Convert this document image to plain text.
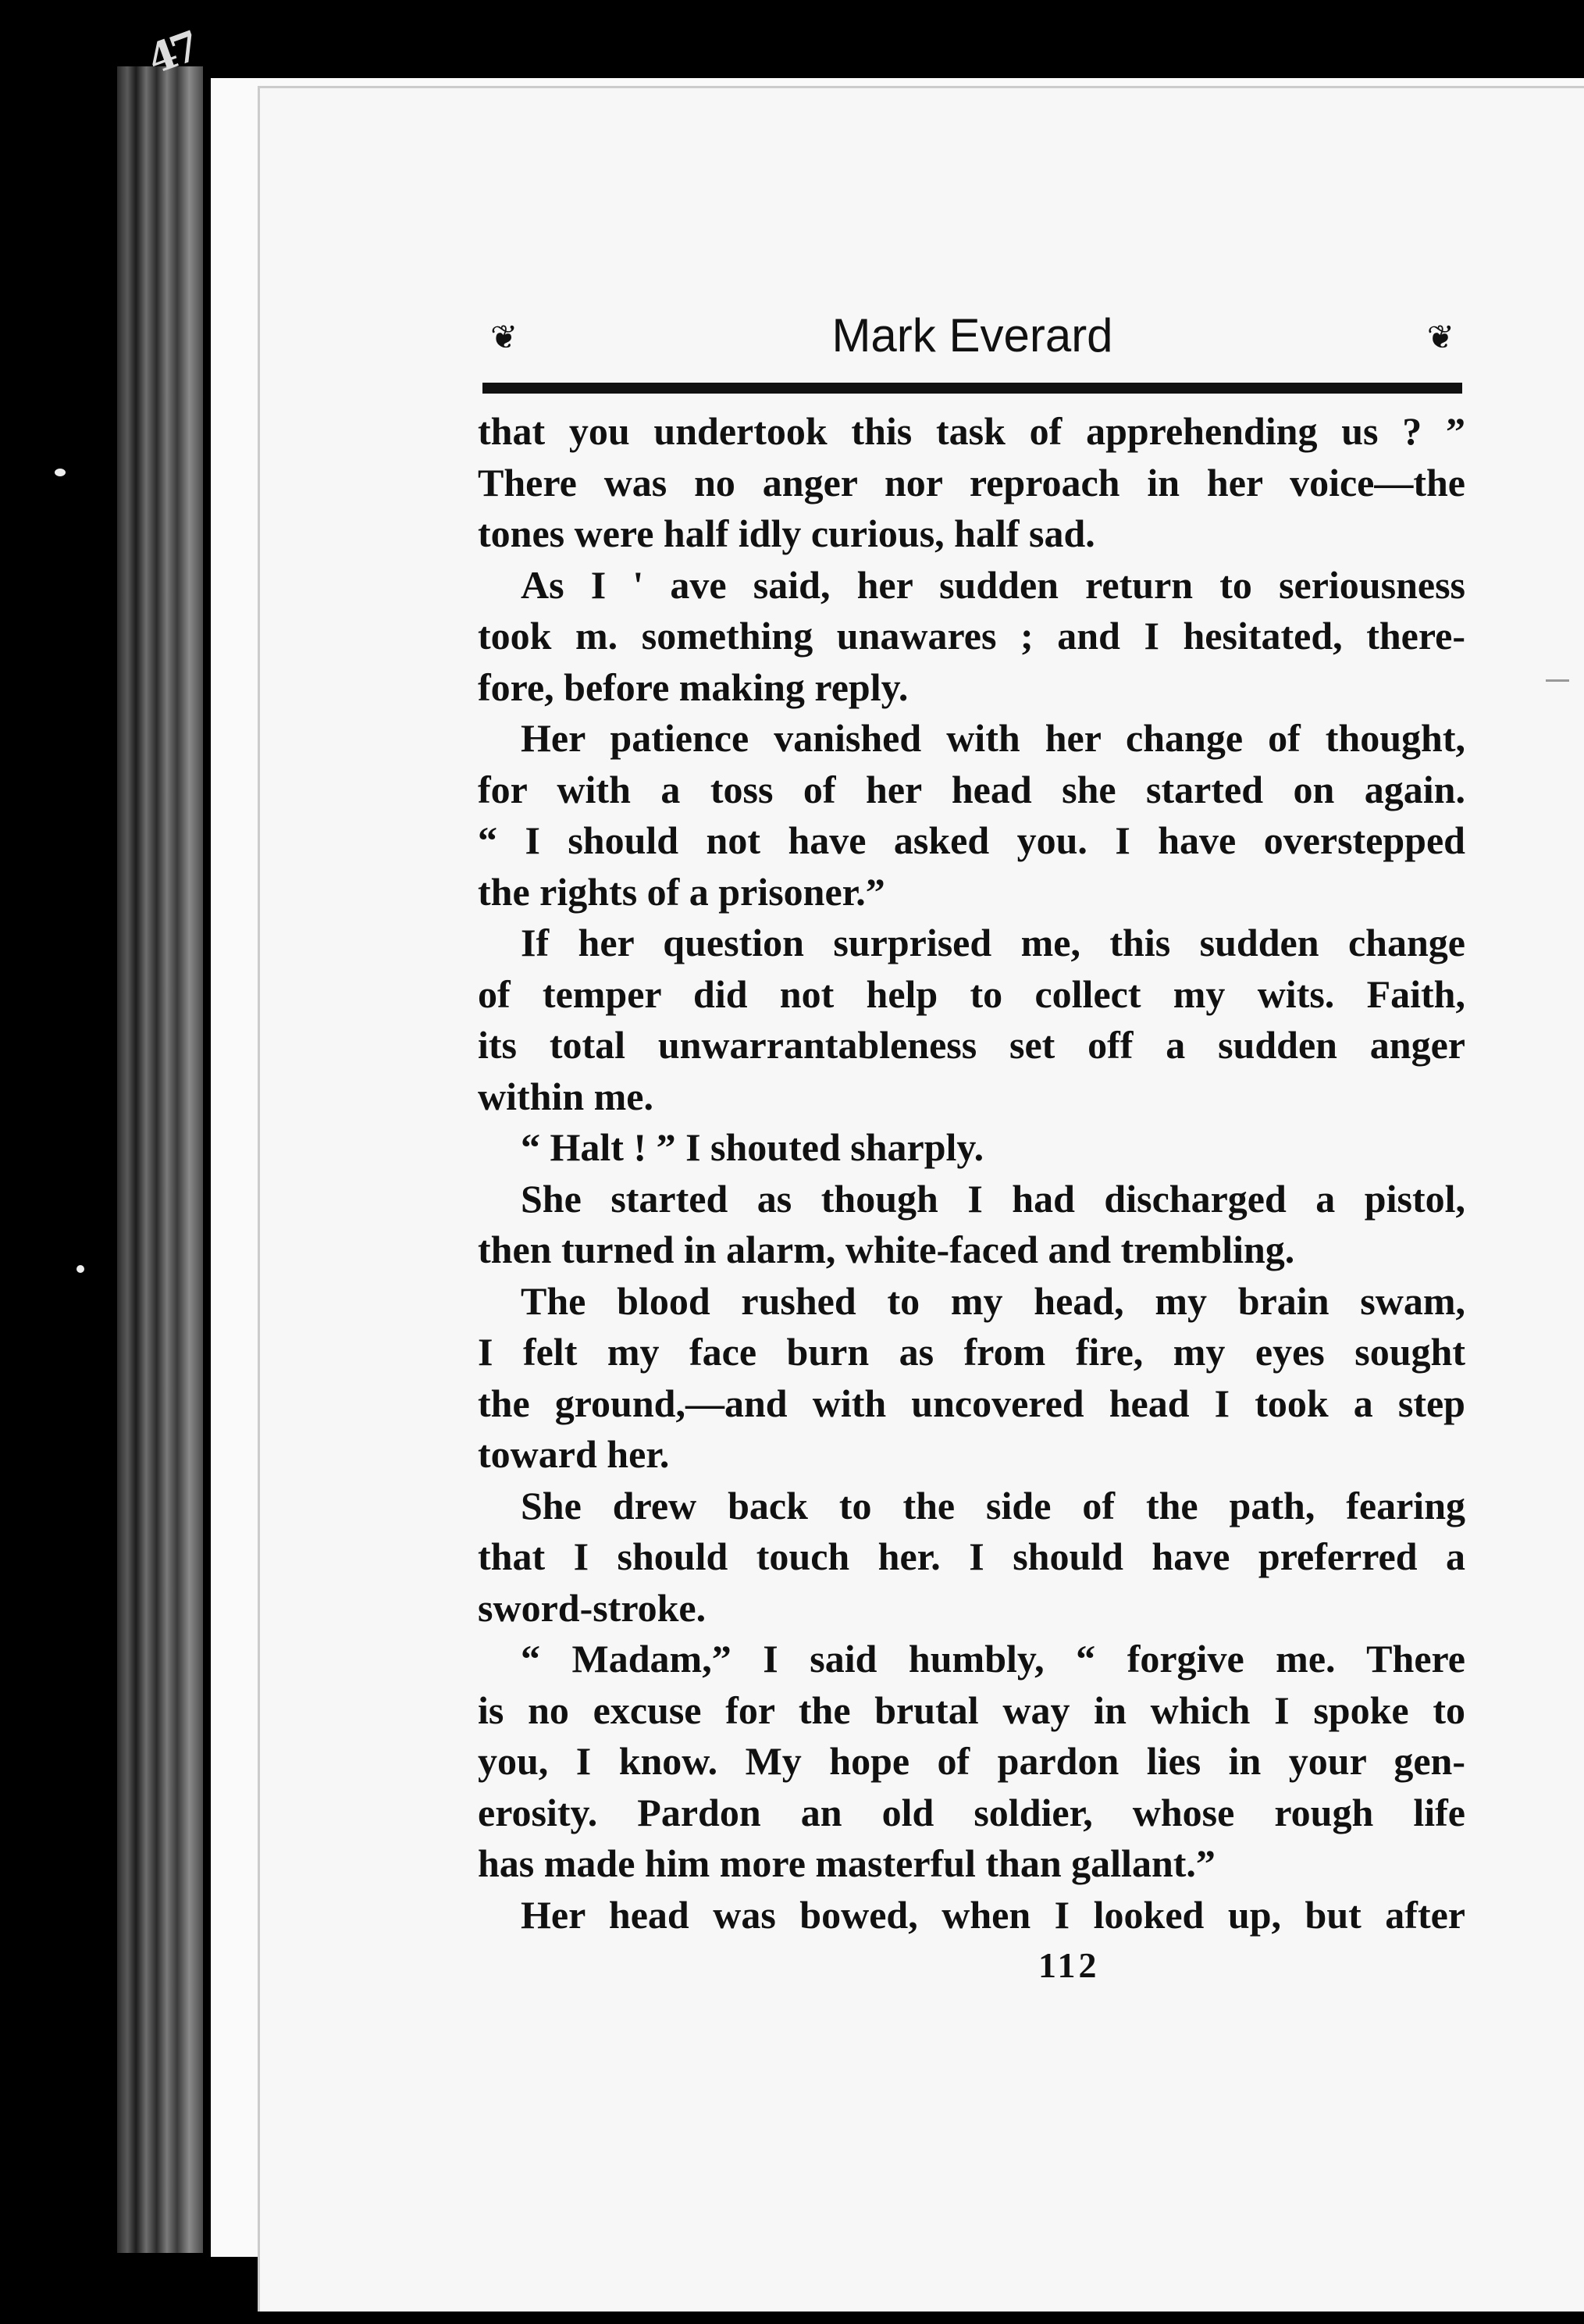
47
❦	Mark Everard	❦
that you undertook this task of apprehending us ? ”
There was no anger nor reproach in her voice—the
tones were half idly curious, half sad.
As I ' ave said, her sudden return to seriousness
took m. something unawares ; and I hesitated, there-
fore, before making reply.
Her patience vanished with her change of thought,
for with a toss of her head she started on again.
“ I should not have asked you. I have overstepped
the rights of a prisoner.”
If her question surprised me, this sudden change
of temper did not help to collect my wits. Faith,
its total unwarrantableness set off a sudden anger
within me.
“ Halt ! ” I shouted sharply.
She started as though I had discharged a pistol,
then turned in alarm, white-faced and trembling.
The blood rushed to my head, my brain swam,
I felt my face burn as from fire, my eyes sought
the ground,—and with uncovered head I took a step
toward her.
She drew back to the side of the path, fearing
that I should touch her. I should have preferred a
sword-stroke.
“ Madam,” I said humbly, “ forgive me. There
is no excuse for the brutal way in which I spoke to
you, I know. My hope of pardon lies in your gen-
erosity. Pardon an old soldier, whose rough life
has made him more masterful than gallant.”
Her head was bowed, when I looked up, but after
112
